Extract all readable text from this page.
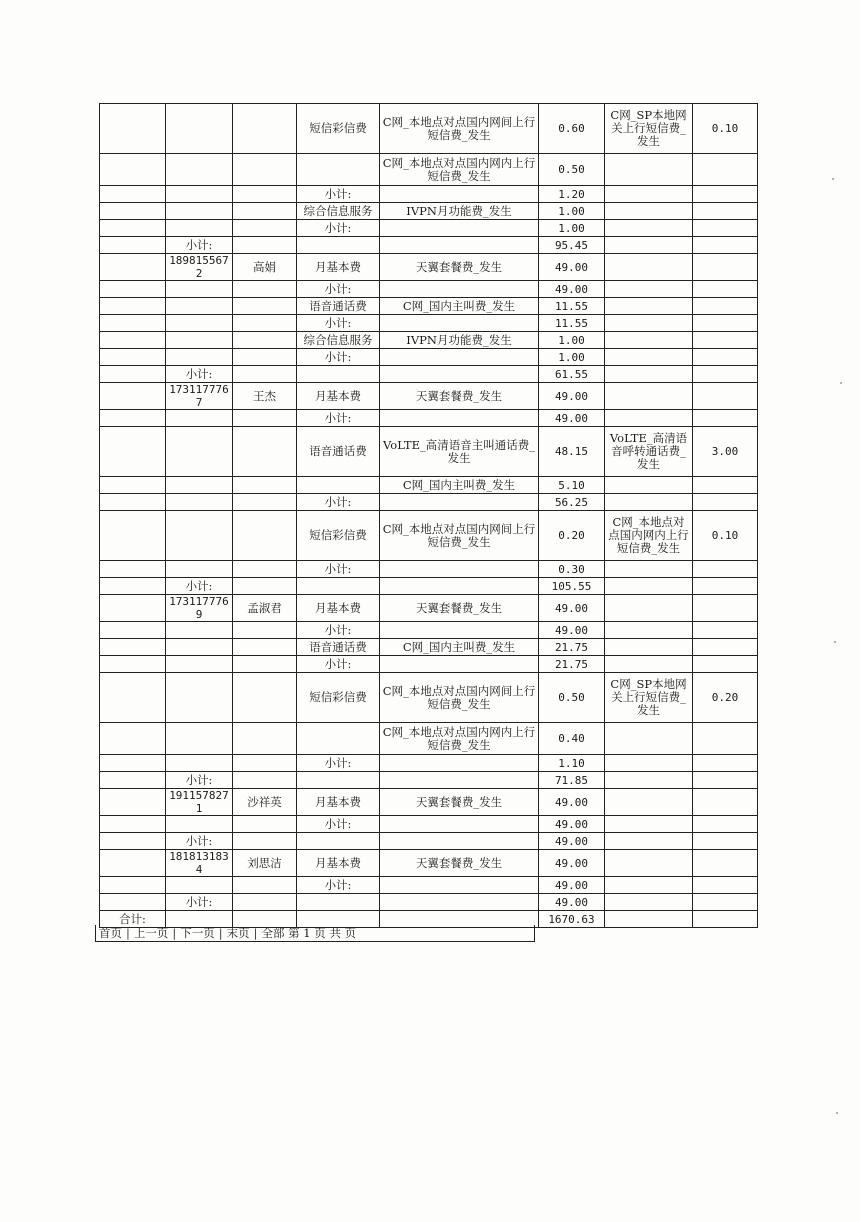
			短信彩信费	C网_本地点对点国内网间上行短信费_发生	0.60	C网_SP本地网关上行短信费_发生	0.10
				C网_本地点对点国内网内上行短信费_发生	0.50		
			小计:		1.20		
			综合信息服务	IVPN月功能费_发生	1.00		
			小计:		1.00		
	小计:				95.45		
	1898155672	高娟	月基本费	天翼套餐费_发生	49.00		
			小计:		49.00		
			语音通话费	C网_国内主叫费_发生	11.55		
			小计:		11.55		
			综合信息服务	IVPN月功能费_发生	1.00		
			小计:		1.00		
	小计:				61.55		
	1731177767	王杰	月基本费	天翼套餐费_发生	49.00		
			小计:		49.00		
			语音通话费	VoLTE_高清语音主叫通话费_发生	48.15	VoLTE_高清语音呼转通话费_发生	3.00
				C网_国内主叫费_发生	5.10		
			小计:		56.25		
			短信彩信费	C网_本地点对点国内网间上行短信费_发生	0.20	C网_本地点对点国内网内上行短信费_发生	0.10
			小计:		0.30		
	小计:				105.55		
	1731177769	孟淑君	月基本费	天翼套餐费_发生	49.00		
			小计:		49.00		
			语音通话费	C网_国内主叫费_发生	21.75		
			小计:		21.75		
			短信彩信费	C网_本地点对点国内网间上行短信费_发生	0.50	C网_SP本地网关上行短信费_发生	0.20
				C网_本地点对点国内网内上行短信费_发生	0.40		
			小计:		1.10		
	小计:				71.85		
	1911578271	沙祥英	月基本费	天翼套餐费_发生	49.00		
			小计:		49.00		
	小计:				49.00		
	1818131834	刘思洁	月基本费	天翼套餐费_发生	49.00		
			小计:		49.00		
	小计:				49.00		
合计:					1670.63		
首页 | 上一页 | 下一页 | 末页 | 全部 第 1 页 共 页
